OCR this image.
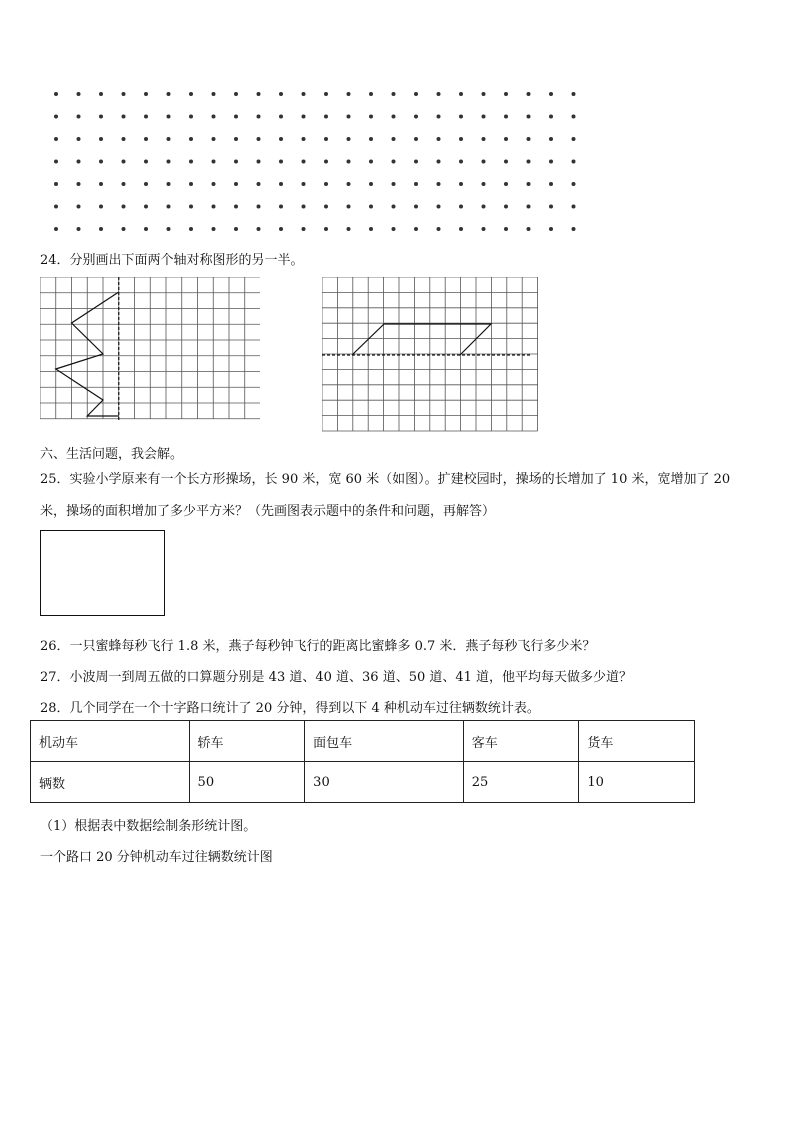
24．分别画出下面两个轴对称图形的另一半。
六、生活问题，我会解。
25．实验小学原来有一个长方形操场，长 90 米，宽 60 米（如图）。扩建校园时，操场的长增加了 10 米，宽增加了 20
米，操场的面积增加了多少平方米？（先画图表示题中的条件和问题，再解答）
26．一只蜜蜂每秒飞行 1.8 米，燕子每秒钟飞行的距离比蜜蜂多 0.7 米．燕子每秒飞行多少米？
27．小波周一到周五做的口算题分别是 43 道、40 道、36 道、50 道、41 道，他平均每天做多少道？
28．几个同学在一个十字路口统计了 20 分钟，得到以下 4 种机动车过往辆数统计表。
机动车	轿车	面包车	客车	货车
辆数	50	30	25	10
（1）根据表中数据绘制条形统计图。
一个路口 20 分钟机动车过往辆数统计图
